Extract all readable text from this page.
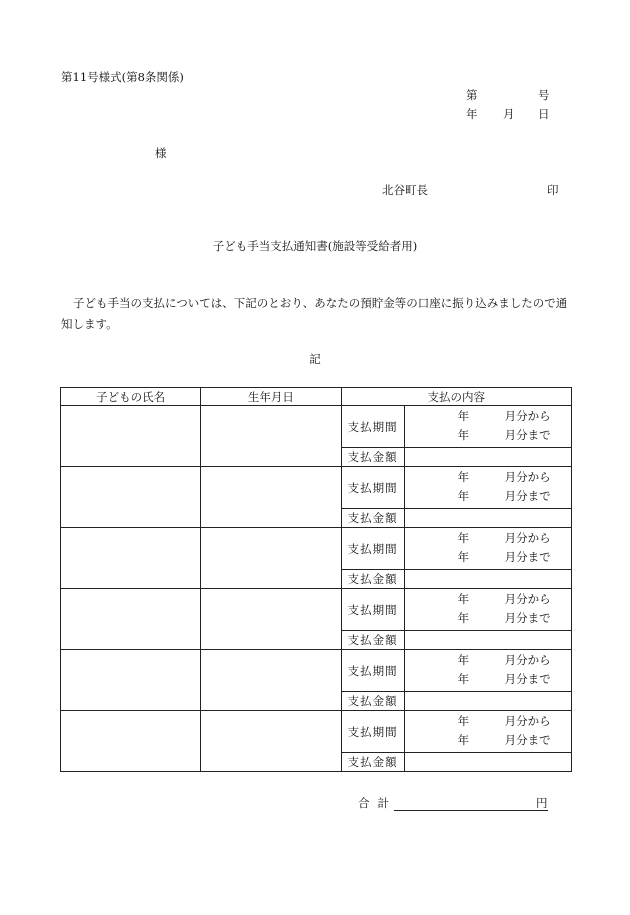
第11号様式(第8条関係)
第	号
年 月 日
様
北谷町長	印
子ども手当支払通知書(施設等受給者用)
子ども手当の支払については、下記のとおり、あなたの預貯金等の口座に振り込みましたので通知します。
記
子どもの氏名	生年月日	支払の内容	
		支払期間	年 月分から
年 月分まで

		支払金額	
		支払期間	年 月分から
年 月分まで

		支払金額	
		支払期間	年 月分から
年 月分まで

		支払金額	
		支払期間	年 月分から
年 月分まで

		支払金額	
		支払期間	年 月分から
年 月分まで

		支払金額	
		支払期間	年 月分から
年 月分まで

		支払金額	
合計	円
